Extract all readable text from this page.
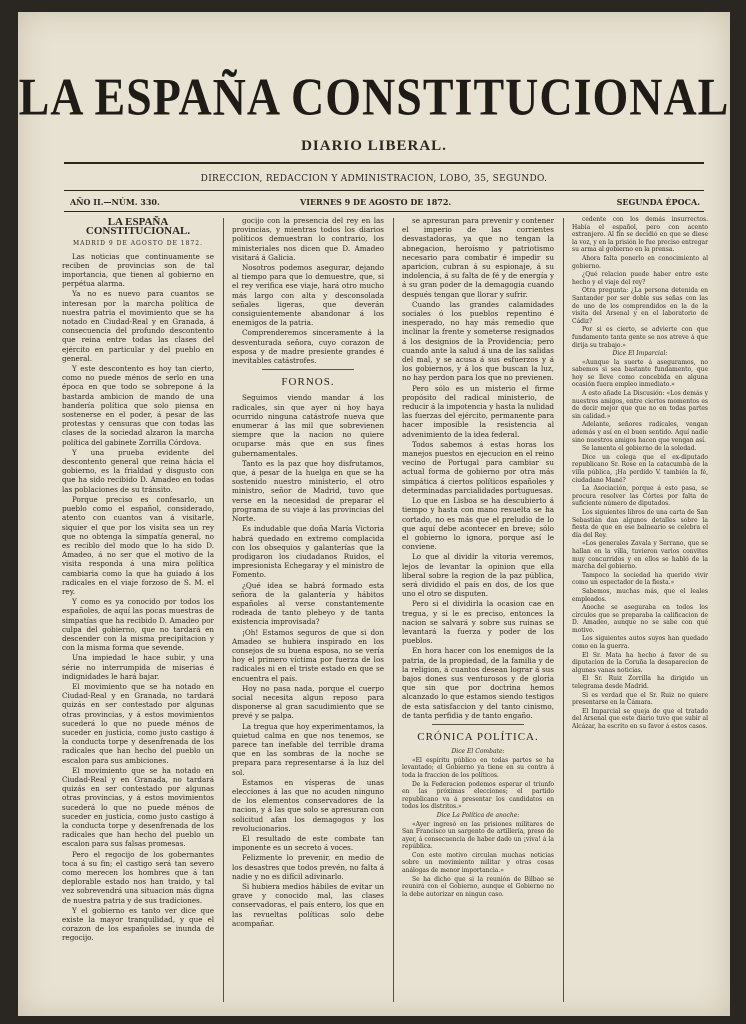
LA ESPAÑA CONSTITUCIONAL
DIARIO LIBERAL.
DIRECCION, REDACCION Y ADMINISTRACION, LOBO, 35, SEGUNDO.
AÑO II.—NÚM. 330.	VIERNES 9 DE AGOSTO DE 1872.	SEGUNDA ÉPOCA.
LA ESPAÑA CONSTITUCIONAL.
MADRID 9 DE AGOSTO DE 1872.

Las noticias que continuamente se reciben de provincias son de tal importancia, que tienen al gobierno en perpétua alarma.

Ya no es nuevo para cuantos se interesan por la marcha política de nuestra patria el movimiento que se ha notado en Ciudad-Real y en Granada, á consecuencia del profundo descontento que reina entre todas las clases del ejército en particular y del pueblo en general.

Y este descontento es hoy tan cierto, como no puede ménos de serlo en una época en que todo se sobrepone á la bastarda ambicion de mando de una bandería política que solo piensa en sostenerse en el poder, á pesar de las protestas y censuras que con todas las clases de la sociedad alzaron la marcha política del gabinete Zorrilla Córdova.

Y una prueba evidente del descontento general que reina hácia el gobierno, es la frialdad y disgusto con que ha sido recibido D. Amadeo en todas las poblaciones de su tránsito.

Porque preciso es confesarlo, un pueblo como el español, considerado, atento con cuantos van á visitarle, siquier el que por los visita sea un rey que no obtenga la simpatía general, no es reciblo del modo que lo ha sido D. Amadeo, á no ser que el motivo de la visita responda á una mira política cambiaria como la que ha guiado á los radicales en el viaje forzoso de S. M. el rey.

Y como es ya conocido por todos los españoles, de aquí las pocas muestras de simpatías que ha recibido D. Amadeo por culpa del gobierno, que no tardará en descender con la misma precipitacion y con la misma forma que sevende.

Una impiedad le hace subir, y una série no interrumpida de miserias é indignidades le hará bajar.

El movimiento que se ha notado en Ciudad-Real y en Granada, no tardará quizás en ser contestado por algunas otras provincias, y á estos movimientos sucederá lo que no puede ménos de suceder en justicia, como justo castigo á la conducta torpe y desenfrenada de los radicales que han hecho del pueblo un escalon para sus ambiciones.

El movimiento que se ha notado en Ciudad-Real y en Granada, no tardará quizás en ser contestado por algunas otras provincias, y á estos movimientos sucederá lo que no puede ménos de suceder en justicia, como justo castigo á la conducta torpe y desenfrenada de los radicales que han hecho del pueblo un escalon para sus falsas promesas.

Pero el regocijo de los gobernantes toca á su fin; el castigo será tan severo como merecen los hombres que á tan deplorable estado nos han traido, y tal vez sobrevendrá una situacion más digna de nuestra patria y de sus tradiciones.

Y el gobierno es tanto ver dice que existe la mayor tranquilidad, y que el corazon de los españoles se inunda de regocijo.

gocijo con la presencia del rey en las provincias, y mientras todos los diarios políticos demuestran lo contrario, los ministeriales nos dicen que D. Amadeo visitará á Galicia.

Nosotros podemos asegurar, dejando al tiempo para que lo demuestre, que, si el rey verifica ese viaje, hará otro mucho más largo con alta y desconsolada señales ligeras, que deverán consiguientemente abandonar á los enemigos de la patria.

Comprenderemos sinceramente á la desventurada señora, cuyo corazon de esposa y de madre presiente grandes é inevitables catástrofes.

FORNOS.

Seguimos viendo mandar á los radicales, sin que ayer ni hoy haya ocurrido ninguna catástrofe nueva que enumerar á las mil que sobrevienen siempre que la nacion no quiere ocuparse más que en sus fines gubernamentales.

Tanto es la paz que hoy disfrutamos, que, á pesar de la huelga en que se ha sostenido nuestro ministerio, el otro ministro, señor de Madrid, tuvo que verse en la necesidad de preparar el programa de su viaje á las provincias del Norte.

Es indudable que doña María Victoria habrá quedado en extremo complacida con los obsequios y galanterías que la prodigaron los ciudadanos Ruidos, el impresionista Echegaray y el ministro de Fomento.

¿Qué idea se habrá formado esta señora de la galantería y hábitos españoles al verse constantemente rodeada de tanto plebeyo y de tanta existencia improvisada?

¡Oh! Estamos seguros de que si don Amadeo se hubiera inspirado en los consejos de su buena esposa, no se vería hoy el primero víctima por fuerza de los radicales ni en el triste estado en que se encuentra el país.

Hoy no pasa nada, porque el cuerpo social necesita algun reposo para disponerse al gran sacudimiento que se prevé y se palpa.

La tregua que hoy experimentamos, la quietud calma en que nos tenemos, se parece tan inefable del terrible drama que en las sombras de la noche se prepara para representarse á la luz del sol.

Estamos en vísperas de unas elecciones á las que no acuden ninguno de los elementos conservadores de la nacion, y á las que solo se apresuran con solicitud afan los demagogos y los revolucionarios.

El resultado de este combate tan imponente es un secreto á voces.

Felizmente lo prevenir, en medio de los desastres que todos prevén, no falta á nadie y no es difícil adivinarlo.

Si hubiera medios hábiles de evitar un grave y conocido mal, las clases conservadoras, el país entero, los que en las revueltas políticas solo debe acompañar.

se apresuran para prevenir y contener el imperio de las corrientes desvastadoras, ya que no tengan la abnegacion, heroísmo y patriotismo necesario para combatir é impedir su aparicion, cubran á su espionaje, á su indolencia, á su falta de fé y de energía y á su gran poder de la demagogia cuando después tengan que llorar y sufrir.

Cuando las grandes calamidades sociales ó los pueblos repentino é inesperado, no hay más remedio que inclinar la frente y someterse resignados á los designios de la Providencia; pero cuando ante la salud á una de las salidas del mal, y se acusa á sus esfuerzos y á los gobiernos, y á los que buscan la luz, no hay perdon para los que no previenen.

Pero sólo es un misterio el firme propósito del radical ministerio, de reducir á la impotencia y hasta la nulidad las fuerzas del ejército, permanente para hacer imposible la resistencia al advenimiento de la idea federal.

Todos sabemos á estas horas los manejos puestos en ejecucion en el reino vecino de Portugal para cambiar su actual forma de gobierno por otra más simpática á ciertos políticos españoles y determinadas parcialidades portuguesas.

Lo que en Lisboa se ha descubierto á tiempo y hasta con mano resuelta se ha cortado, no es más que el preludio de lo que aquí debe acontecer en breve; sólo el gobierno lo ignora, porque así le conviene.

Lo que al dividir la vitoria veremos, lejos de levantar la opinion que ella liberal sobre la region de la paz pública, será dividido el país en dos, de los que uno el otro se disputen.

Pero si el dividirla la ocasion cae en tregua, y si le es preciso, entonces la nacion se salvará y sobre sus ruinas se levantará la fuerza y poder de los pueblos.

En hora hacer con los enemigos de la patria, de la propiedad, de la familia y de la religion, á cuantos desean lograr á sus bajos dones sus venturosos y de gloria que sin que por doctrina hemos alcanzado lo que estamos siendo testigos de esta satisfaccion y del tanto cinismo, de tanta perfidia y de tanto engaño.

CRÓNICA POLÍTICA.

Dice El Combate:

«El espíritu público en todas partes se ha levantado; el Gobierno ya tiene en su contra á toda la fraccion de los políticos.

De la Federacion podemos esperar el triunfo en las próximas elecciones; el partido republicano va á presentar los candidatos en todos los distritos.»

Dice La Política de anoche:

«Ayer ingresó en las prisiones militares de San Francisco un sargento de artillería, preso de ayer, á consecuencia de haber dado un ¡viva! á la república.

Con este motivo circulan muchas noticias sobre un movimiento militar y otras cosas análogas de menor importancia.»

Se ha dicho que si la reunión de Bilbao se reunirá con el Gobierno, aunque el Gobierno no la debe autorizar en ningun caso.

cedente con los demás insurrectos. Había el español, pero con acento extranjero. Al fin se decidió en que se diese la voz, y en la prisión le fue preciso entregar su arma al gobierno en la prensa.

Ahora falta ponerlo en conocimiento al gobierno.

¿Qué relacion puede haber entre este hecho y el viaje del rey?

Otra pregunta: ¿La persona detenida en Santander por ser doble sus señas con las de uno de los comprendidos en la de la visita del Arsenal y en el laboratorio de Cádiz?

Por si es cierto, se advierte con que fundamento tanta gente se nos atreve á que dirija su trabajo.»

Dice El Imparcial:

«Aunque la suerte á aseguramos, no sabemos si sea bastante fundamento, que hoy se lleve como concebida en alguna ocasión fuera empleo inmediato.»

A esto añade La Discusión: «Los demás y nuestros amigos, entre ciertos momentos es de decir mejor que que no en todas partes sin calidad.»

Adelante, señores radicales, vengan además y así en el buen sentido. Aquí nadie sino nuestros amigos hacen que vengan así.

Se lamenta el gobierno de la soledad.

Dice un colega que el ex-diputado republicano Sr. Rose en la catacumba de la villa pública, ¡Ha perdido V. también la fé, ciudadano Mané?

La Asociación, porque á esto pasa, se procura resolver las Córtes por falta de suficiente número de diputados.

Los siguientes libros de una carta de San Sebastián dan algunos detalles sobre la fiesta de que en ese balneario se celebra el día del Rey.

«Los generales Zavala y Serrano, que se hallan en la villa, tuvieron varios convites muy concurridos y en ellos se habló de la marcha del gobierno.

Tampoco la sociedad ha querido vivir como un espectador de la fiesta.»

Sabemos, muchas más, que el leales empleados.

Anoche se aseguraba en todos los círculos que se preparaba la calificacion de D. Amadeo, aunque no se sabe con qué motivo.

Los siguientes autos suyos han quedado como en la guerra.

El Sr. Mata ha hecho á favor de su diputacion de la Coruña la desaparecion de algunas vanas noticias.

El Sr. Ruiz Zorrilla ha dirigido un telegrama desde Madrid.

Si es verdad que el Sr. Ruiz no quiere presentarse en la Cámara.

El Imparcial se queja de que el tratado del Arsenal que este diario tuvo que subir al Alcázar, ha escrito en su favor á estos casos.
